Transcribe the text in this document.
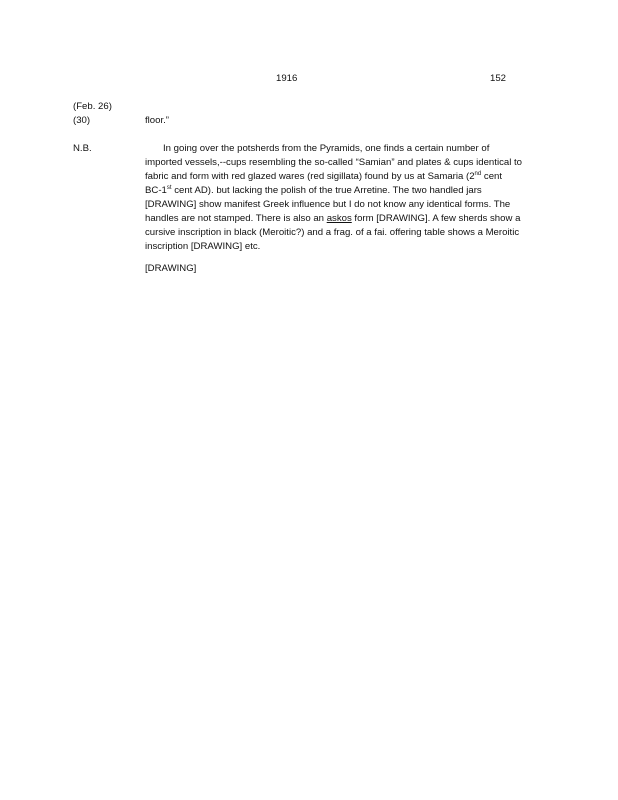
1916	152
(Feb. 26)
(30)	floor.”
N.B.	In going over the potsherds from the Pyramids, one finds a certain number of
imported vessels,--cups resembling the so-called “Samian” and plates & cups identical to
fabric and form with red glazed wares (red sigillata) found by us at Samaria (2nd cent
BC-1st cent AD). but lacking the polish of the true Arretine. The two handled jars
[DRAWING] show manifest Greek influence but I do not know any identical forms. The
handles are not stamped. There is also an askos form [DRAWING]. A few sherds show a
cursive inscription in black (Meroitic?) and a frag. of a fai. offering table shows a Meroitic
inscription [DRAWING] etc.
[DRAWING]
